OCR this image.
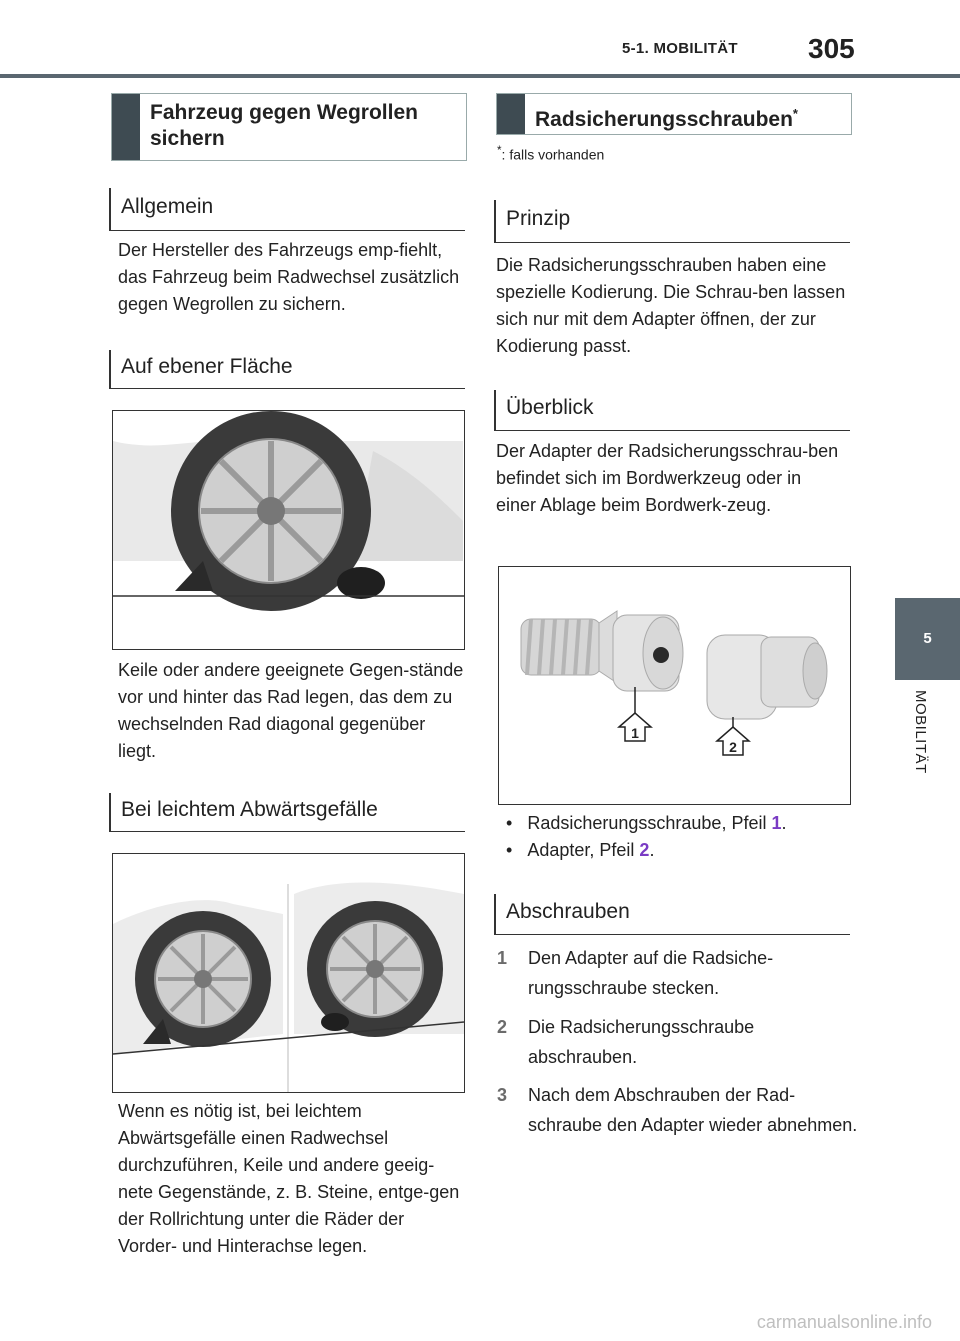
5-1. MOBILITÄT	305
5
MOBILITÄT
Fahrzeug gegen Wegrollen sichern
Allgemein
Der Hersteller des Fahrzeugs emp-fiehlt, das Fahrzeug beim Radwechsel zusätzlich gegen Wegrollen zu sichern.
Auf ebener Fläche
Keile oder andere geeignete Gegen-stände vor und hinter das Rad legen, das dem zu wechselnden Rad diagonal gegenüber liegt.
Bei leichtem Abwärtsgefälle
Wenn es nötig ist, bei leichtem Abwärtsgefälle einen Radwechsel durchzuführen, Keile und andere geeig-nete Gegenstände, z. B. Steine, entge-gen der Rollrichtung unter die Räder der Vorder- und Hinterachse legen.
Radsicherungsschrauben*
*: falls vorhanden
Prinzip
Die Radsicherungsschrauben haben eine spezielle Kodierung. Die Schrau-ben lassen sich nur mit dem Adapter öffnen, der zur Kodierung passt.
Überblick
Der Adapter der Radsicherungsschrau-ben befindet sich im Bordwerkzeug oder in einer Ablage beim Bordwerk-zeug.
1
2
• Radsicherungsschraube, Pfeil 1.
• Adapter, Pfeil 2.
Abschrauben
1 Den Adapter auf die Radsiche-rungsschraube stecken.
2 Die Radsicherungsschraube abschrauben.
3 Nach dem Abschrauben der Rad-schraube den Adapter wieder abnehmen.
carmanualsonline.info
